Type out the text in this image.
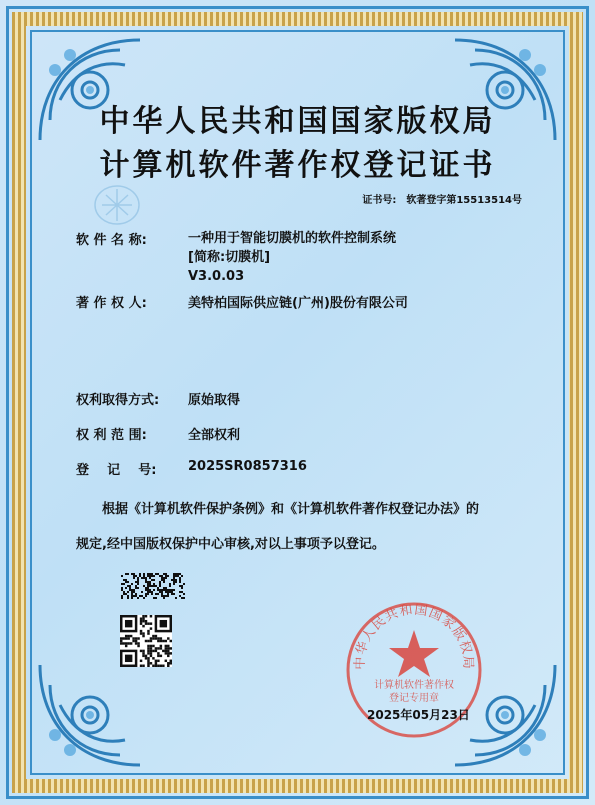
中华人民共和国国家版权局
计算机软件著作权登记证书
证书号: 软著登字第15513514号
软 件 名 称:	一种用于智能切膜机的软件控制系统
[简称:切膜机]
V3.0.03
著 作 权 人:	美特柏国际供应链(广州)股份有限公司
权利取得方式: 原始取得
权 利 范 围:	全部权利
登    记    号: 2025SR0857316
根据《计算机软件保护条例》和《计算机软件著作权登记办法》的
规定,经中国版权保护中心审核,对以上事项予以登记。
中华人民共和国国家版权局
计算机软件著作权
登记专用章
2025年05月23日
